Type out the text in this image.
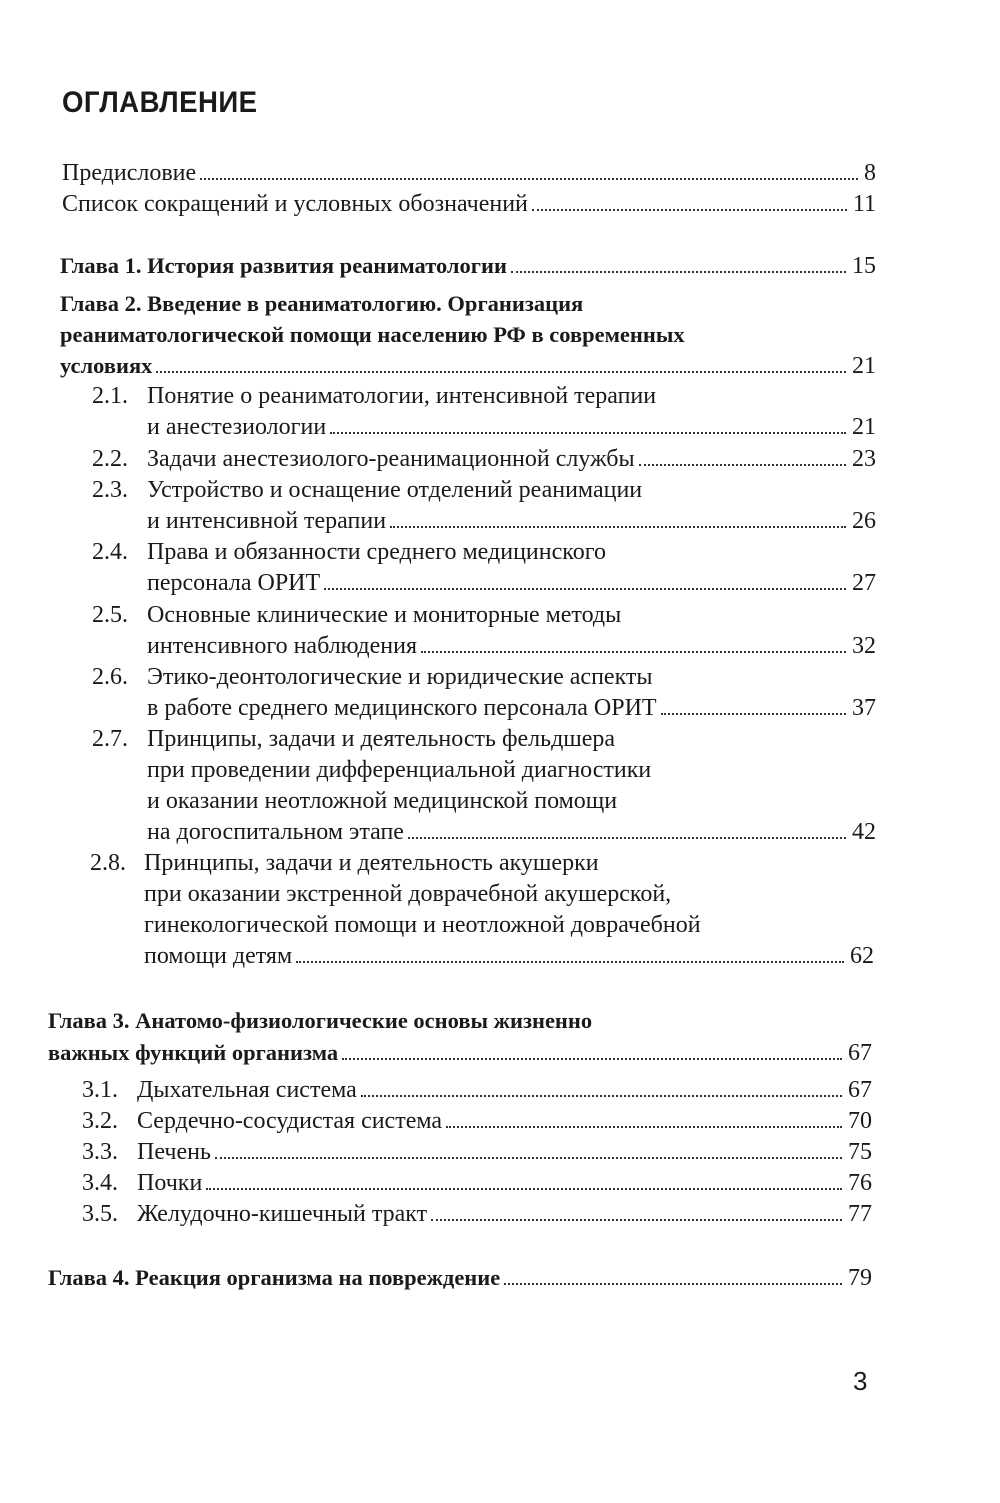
ОГЛАВЛЕНИЕ
Предисловие	8
Список сокращений и условных обозначений	11
Глава 1. История развития реаниматологии	15
Глава 2. Введение в реаниматологию. Организация
реаниматологической помощи населению РФ в современных
условиях	21
2.1. Понятие о реаниматологии, интенсивной терапии
и анестезиологии	21
2.2. Задачи анестезиолого-реанимационной службы	23
2.3. Устройство и оснащение отделений реанимации
и интенсивной терапии	26
2.4. Права и обязанности среднего медицинского
персонала ОРИТ	27
2.5. Основные клинические и мониторные методы
интенсивного наблюдения	32
2.6. Этико-деонтологические и юридические аспекты
в работе среднего медицинского персонала ОРИТ	37
2.7. Принципы, задачи и деятельность фельдшера
при проведении дифференциальной диагностики
и оказании неотложной медицинской помощи
на догоспитальном этапе	42
2.8. Принципы, задачи и деятельность акушерки
при оказании экстренной доврачебной акушерской,
гинекологической помощи и неотложной доврачебной
помощи детям	62
Глава 3. Анатомо-физиологические основы жизненно
важных функций организма	67
3.1. Дыхательная система	67
3.2. Сердечно-сосудистая система	70
3.3. Печень	75
3.4. Почки	76
3.5. Желудочно-кишечный тракт	77
Глава 4. Реакция организма на повреждение	79
3
